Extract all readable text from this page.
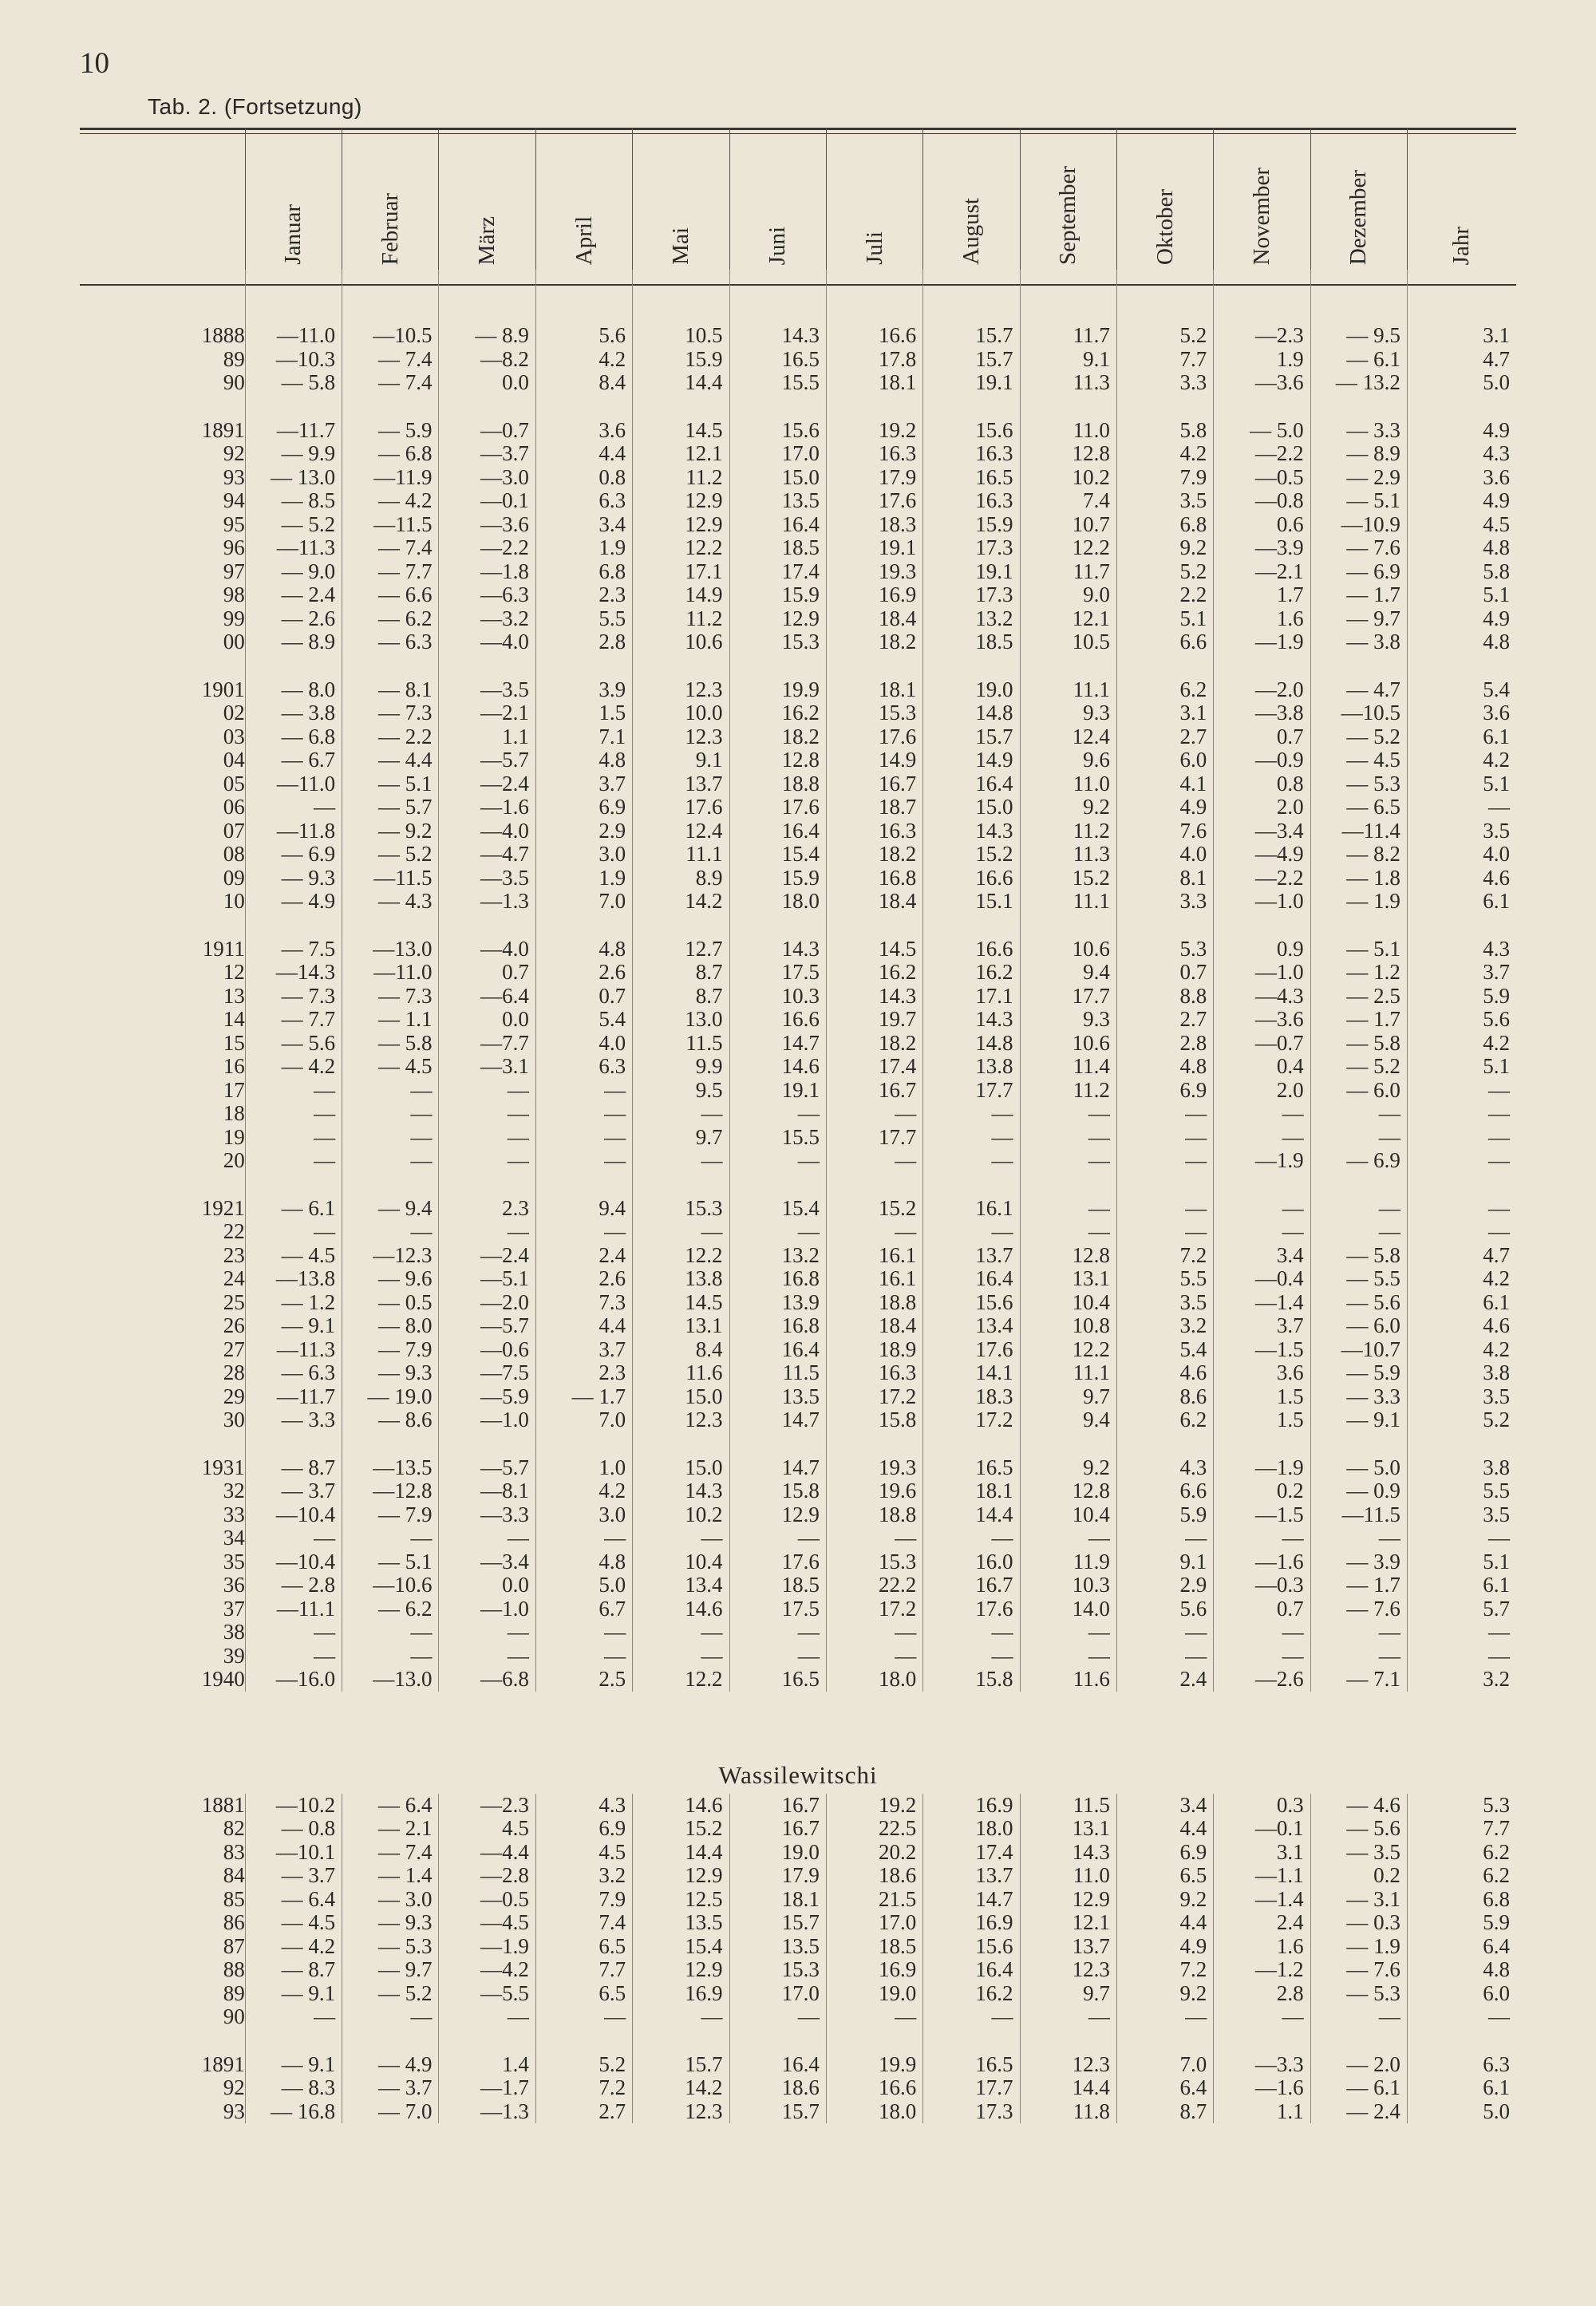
10
Tab. 2. (Fortsetzung)

	Januar	Februar	März	April	Mai	Juni	Juli	August	September	Oktober	November	Dezember	Jahr

1888	—11.0	—10.5	— 8.9	5.6	10.5	14.3	16.6	15.7	11.7	5.2	—2.3	— 9.5	3.1
89	—10.3	— 7.4	—8.2	4.2	15.9	16.5	17.8	15.7	9.1	7.7	1.9	— 6.1	4.7
90	— 5.8	— 7.4	0.0	8.4	14.4	15.5	18.1	19.1	11.3	3.3	—3.6	— 13.2	5.0

1891	—11.7	— 5.9	—0.7	3.6	14.5	15.6	19.2	15.6	11.0	5.8	— 5.0	— 3.3	4.9
92	— 9.9	— 6.8	—3.7	4.4	12.1	17.0	16.3	16.3	12.8	4.2	—2.2	— 8.9	4.3
93	— 13.0	—11.9	—3.0	0.8	11.2	15.0	17.9	16.5	10.2	7.9	—0.5	— 2.9	3.6
94	— 8.5	— 4.2	—0.1	6.3	12.9	13.5	17.6	16.3	7.4	3.5	—0.8	— 5.1	4.9
95	— 5.2	—11.5	—3.6	3.4	12.9	16.4	18.3	15.9	10.7	6.8	0.6	—10.9	4.5
96	—11.3	— 7.4	—2.2	1.9	12.2	18.5	19.1	17.3	12.2	9.2	—3.9	— 7.6	4.8
97	— 9.0	— 7.7	—1.8	6.8	17.1	17.4	19.3	19.1	11.7	5.2	—2.1	— 6.9	5.8
98	— 2.4	— 6.6	—6.3	2.3	14.9	15.9	16.9	17.3	9.0	2.2	1.7	— 1.7	5.1
99	— 2.6	— 6.2	—3.2	5.5	11.2	12.9	18.4	13.2	12.1	5.1	1.6	— 9.7	4.9
00	— 8.9	— 6.3	—4.0	2.8	10.6	15.3	18.2	18.5	10.5	6.6	—1.9	— 3.8	4.8

1901	— 8.0	— 8.1	—3.5	3.9	12.3	19.9	18.1	19.0	11.1	6.2	—2.0	— 4.7	5.4
02	— 3.8	— 7.3	—2.1	1.5	10.0	16.2	15.3	14.8	9.3	3.1	—3.8	—10.5	3.6
03	— 6.8	— 2.2	1.1	7.1	12.3	18.2	17.6	15.7	12.4	2.7	0.7	— 5.2	6.1
04	— 6.7	— 4.4	—5.7	4.8	9.1	12.8	14.9	14.9	9.6	6.0	—0.9	— 4.5	4.2
05	—11.0	— 5.1	—2.4	3.7	13.7	18.8	16.7	16.4	11.0	4.1	0.8	— 5.3	5.1
06	—	— 5.7	—1.6	6.9	17.6	17.6	18.7	15.0	9.2	4.9	2.0	— 6.5	—
07	—11.8	— 9.2	—4.0	2.9	12.4	16.4	16.3	14.3	11.2	7.6	—3.4	—11.4	3.5
08	— 6.9	— 5.2	—4.7	3.0	11.1	15.4	18.2	15.2	11.3	4.0	—4.9	— 8.2	4.0
09	— 9.3	—11.5	—3.5	1.9	8.9	15.9	16.8	16.6	15.2	8.1	—2.2	— 1.8	4.6
10	— 4.9	— 4.3	—1.3	7.0	14.2	18.0	18.4	15.1	11.1	3.3	—1.0	— 1.9	6.1

1911	— 7.5	—13.0	—4.0	4.8	12.7	14.3	14.5	16.6	10.6	5.3	0.9	— 5.1	4.3
12	—14.3	—11.0	0.7	2.6	8.7	17.5	16.2	16.2	9.4	0.7	—1.0	— 1.2	3.7
13	— 7.3	— 7.3	—6.4	0.7	8.7	10.3	14.3	17.1	17.7	8.8	—4.3	— 2.5	5.9
14	— 7.7	— 1.1	0.0	5.4	13.0	16.6	19.7	14.3	9.3	2.7	—3.6	— 1.7	5.6
15	— 5.6	— 5.8	—7.7	4.0	11.5	14.7	18.2	14.8	10.6	2.8	—0.7	— 5.8	4.2
16	— 4.2	— 4.5	—3.1	6.3	9.9	14.6	17.4	13.8	11.4	4.8	0.4	— 5.2	5.1
17	—	—	—	—	9.5	19.1	16.7	17.7	11.2	6.9	2.0	— 6.0	—
18	—	—	—	—	—	—	—	—	—	—	—	—	—
19	—	—	—	—	9.7	15.5	17.7	—	—	—	—	—	—
20	—	—	—	—	—	—	—	—	—	—	—1.9	— 6.9	—

1921	— 6.1	— 9.4	2.3	9.4	15.3	15.4	15.2	16.1	—	—	—	—	—
22	—	—	—	—	—	—	—	—	—	—	—	—	—
23	— 4.5	—12.3	—2.4	2.4	12.2	13.2	16.1	13.7	12.8	7.2	3.4	— 5.8	4.7
24	—13.8	— 9.6	—5.1	2.6	13.8	16.8	16.1	16.4	13.1	5.5	—0.4	— 5.5	4.2
25	— 1.2	— 0.5	—2.0	7.3	14.5	13.9	18.8	15.6	10.4	3.5	—1.4	— 5.6	6.1
26	— 9.1	— 8.0	—5.7	4.4	13.1	16.8	18.4	13.4	10.8	3.2	3.7	— 6.0	4.6
27	—11.3	— 7.9	—0.6	3.7	8.4	16.4	18.9	17.6	12.2	5.4	—1.5	—10.7	4.2
28	— 6.3	— 9.3	—7.5	2.3	11.6	11.5	16.3	14.1	11.1	4.6	3.6	— 5.9	3.8
29	—11.7	— 19.0	—5.9	— 1.7	15.0	13.5	17.2	18.3	9.7	8.6	1.5	— 3.3	3.5
30	— 3.3	— 8.6	—1.0	7.0	12.3	14.7	15.8	17.2	9.4	6.2	1.5	— 9.1	5.2

1931	— 8.7	—13.5	—5.7	1.0	15.0	14.7	19.3	16.5	9.2	4.3	—1.9	— 5.0	3.8
32	— 3.7	—12.8	—8.1	4.2	14.3	15.8	19.6	18.1	12.8	6.6	0.2	— 0.9	5.5
33	—10.4	— 7.9	—3.3	3.0	10.2	12.9	18.8	14.4	10.4	5.9	—1.5	—11.5	3.5
34	—	—	—	—	—	—	—	—	—	—	—	—	—
35	—10.4	— 5.1	—3.4	4.8	10.4	17.6	15.3	16.0	11.9	9.1	—1.6	— 3.9	5.1
36	— 2.8	—10.6	0.0	5.0	13.4	18.5	22.2	16.7	10.3	2.9	—0.3	— 1.7	6.1
37	—11.1	— 6.2	—1.0	6.7	14.6	17.5	17.2	17.6	14.0	5.6	0.7	— 7.6	5.7
38	—	—	—	—	—	—	—	—	—	—	—	—	—
39	—	—	—	—	—	—	—	—	—	—	—	—	—
1940	—16.0	—13.0	—6.8	2.5	12.2	16.5	18.0	15.8	11.6	2.4	—2.6	— 7.1	3.2
Wassilewitschi													
1881	—10.2	— 6.4	—2.3	4.3	14.6	16.7	19.2	16.9	11.5	3.4	0.3	— 4.6	5.3
82	— 0.8	— 2.1	4.5	6.9	15.2	16.7	22.5	18.0	13.1	4.4	—0.1	— 5.6	7.7
83	—10.1	— 7.4	—4.4	4.5	14.4	19.0	20.2	17.4	14.3	6.9	3.1	— 3.5	6.2
84	— 3.7	— 1.4	—2.8	3.2	12.9	17.9	18.6	13.7	11.0	6.5	—1.1	0.2	6.2
85	— 6.4	— 3.0	—0.5	7.9	12.5	18.1	21.5	14.7	12.9	9.2	—1.4	— 3.1	6.8
86	— 4.5	— 9.3	—4.5	7.4	13.5	15.7	17.0	16.9	12.1	4.4	2.4	— 0.3	5.9
87	— 4.2	— 5.3	—1.9	6.5	15.4	13.5	18.5	15.6	13.7	4.9	1.6	— 1.9	6.4
88	— 8.7	— 9.7	—4.2	7.7	12.9	15.3	16.9	16.4	12.3	7.2	—1.2	— 7.6	4.8
89	— 9.1	— 5.2	—5.5	6.5	16.9	17.0	19.0	16.2	9.7	9.2	2.8	— 5.3	6.0
90	—	—	—	—	—	—	—	—	—	—	—	—	—

1891	— 9.1	— 4.9	1.4	5.2	15.7	16.4	19.9	16.5	12.3	7.0	—3.3	— 2.0	6.3
92	— 8.3	— 3.7	—1.7	7.2	14.2	18.6	16.6	17.7	14.4	6.4	—1.6	— 6.1	6.1
93	— 16.8	— 7.0	—1.3	2.7	12.3	15.7	18.0	17.3	11.8	8.7	1.1	— 2.4	5.0
